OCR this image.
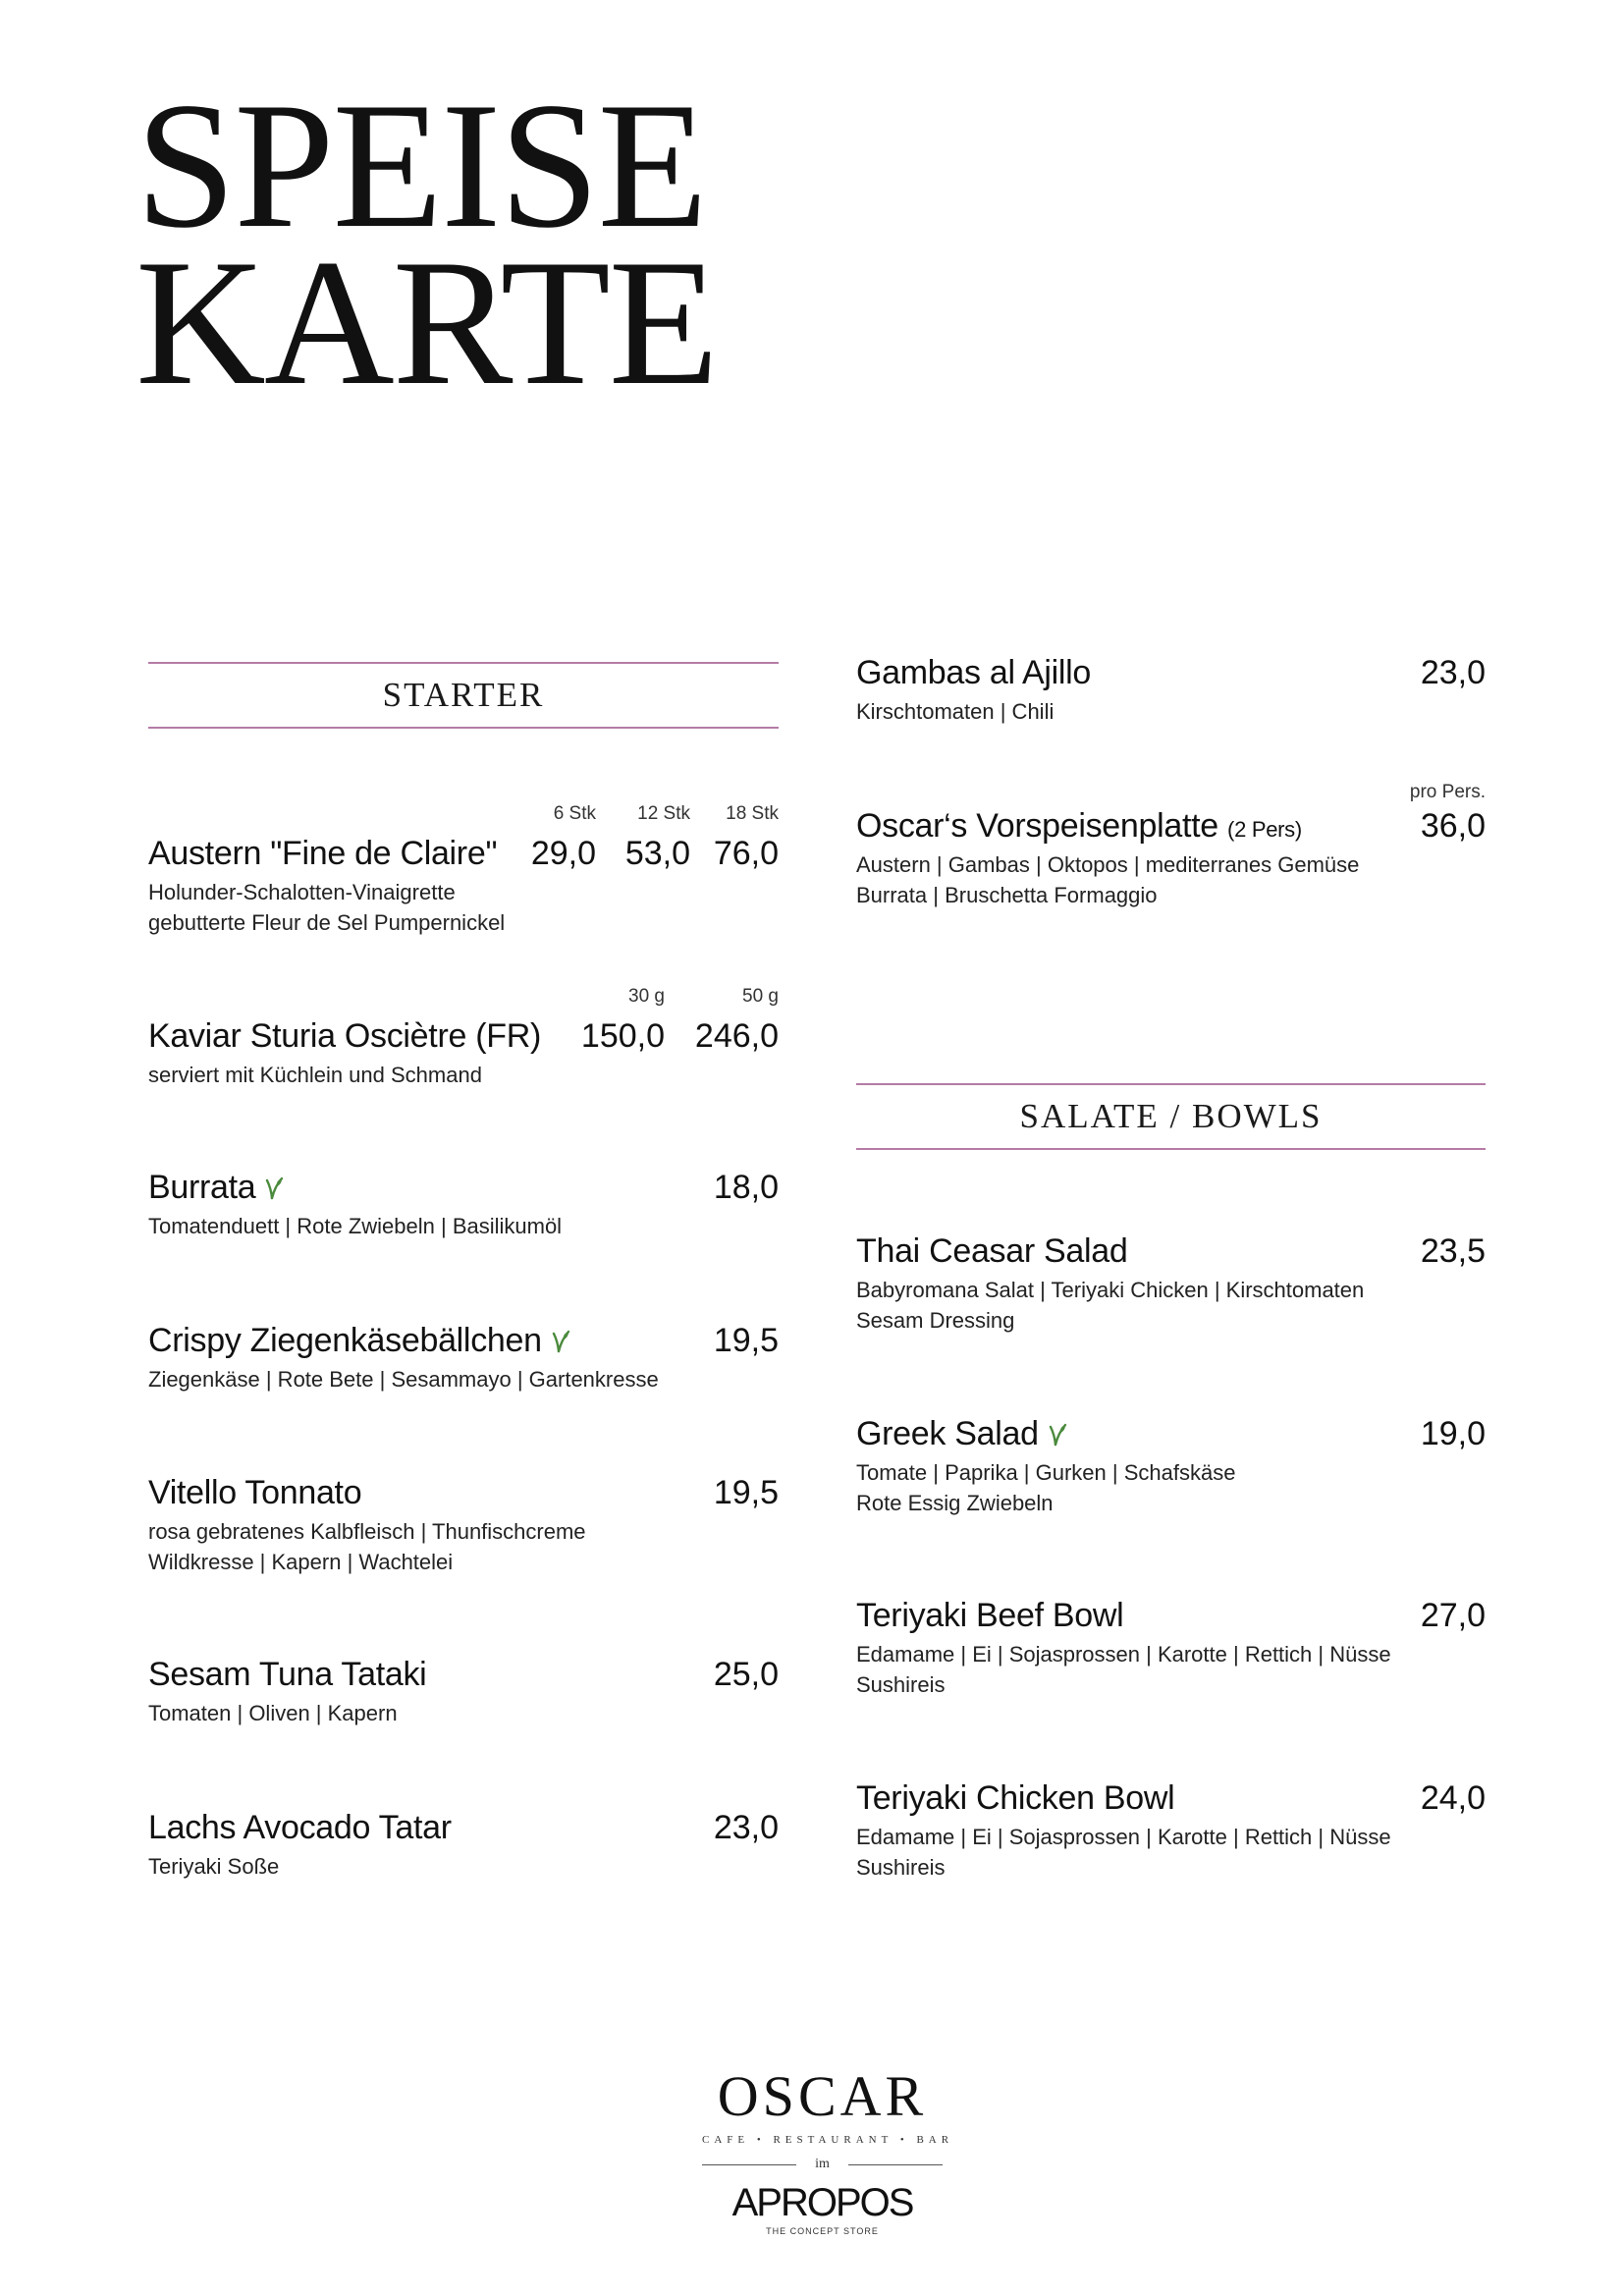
SPEISE
KARTE
STARTER
6 Stk 12 Stk 18 Stk
Austern "Fine de Claire"	29,0 53,0 76,0
Holunder-Schalotten-Vinaigrette
gebutterte Fleur de Sel Pumpernickel
30 g	50 g
Kaviar Sturia Osciètre (FR)	150,0 246,0
serviert mit Küchlein und Schmand
Burrata	18,0
Tomatenduett | Rote Zwiebeln | Basilikumöl
Crispy Ziegenkäsebällchen	19,5
Ziegenkäse | Rote Bete | Sesammayo | Gartenkresse
Vitello Tonnato	19,5
rosa gebratenes Kalbfleisch | Thunfischcreme
Wildkresse | Kapern | Wachtelei
Sesam Tuna Tataki	25,0
Tomaten | Oliven | Kapern
Lachs Avocado Tatar	23,0
Teriyaki Soße
Gambas al Ajillo	23,0
Kirschtomaten | Chili
pro Pers.
Oscar‘s Vorspeisenplatte (2 Pers)	36,0
Austern | Gambas | Oktopos | mediterranes Gemüse
Burrata | Bruschetta Formaggio
SALATE / BOWLS
Thai Ceasar Salad	23,5
Babyromana Salat | Teriyaki Chicken | Kirschtomaten
Sesam Dressing
Greek Salad	19,0
Tomate | Paprika | Gurken | Schafskäse
Rote Essig Zwiebeln
Teriyaki Beef Bowl	27,0
Edamame | Ei | Sojasprossen | Karotte | Rettich | Nüsse
Sushireis
Teriyaki Chicken Bowl	24,0
Edamame | Ei | Sojasprossen | Karotte | Rettich | Nüsse
Sushireis
OSCAR
CAFE • RESTAURANT • BAR
im
APROPOS
THE CONCEPT STORE
